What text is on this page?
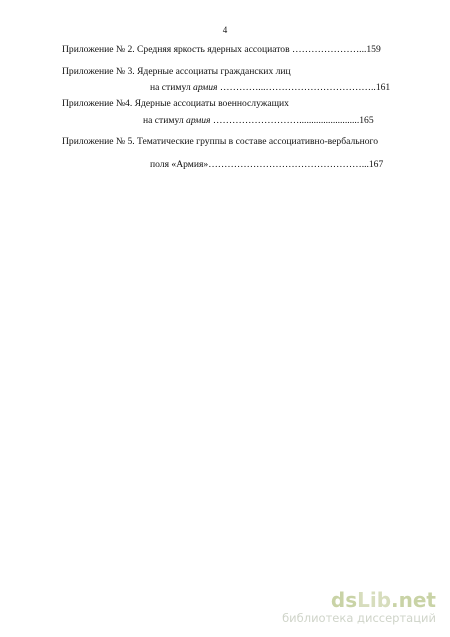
4
Приложение № 2. Средняя яркость ядерных ассоциатов …………………...159
Приложение № 3. Ядерные ассоциаты гражданских лиц
на стимул армия …………...……………………………..161
Приложение №4. Ядерные ассоциаты военнослужащих
на стимул армия ……………………….........................165
Приложение № 5. Тематические группы в составе ассоциативно-вербального
поля «Армия»…………………………………………...167
dsLib.net
библиотека диссертаций
